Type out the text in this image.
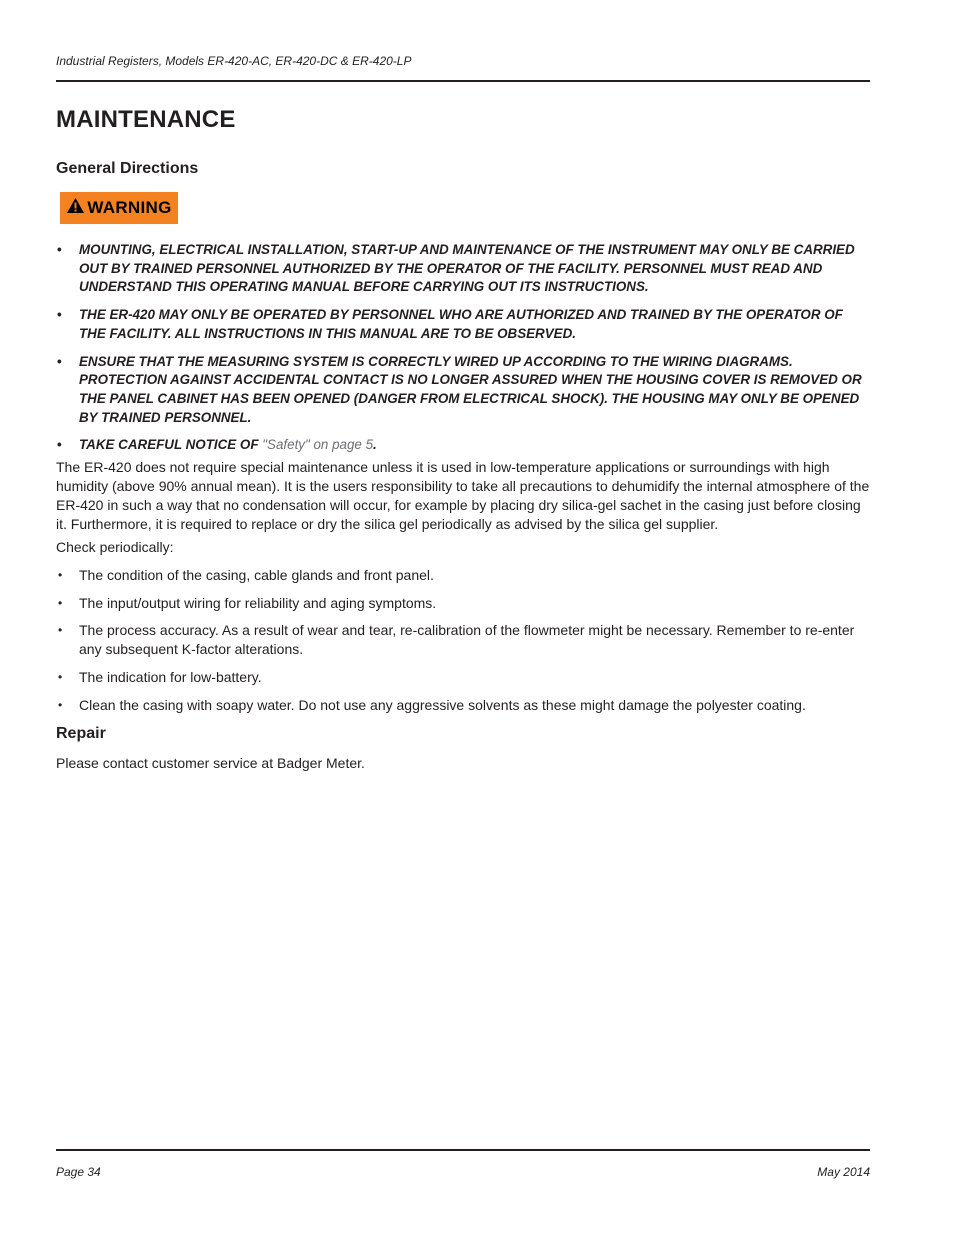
Industrial Registers, Models ER-420-AC, ER-420-DC & ER-420-LP
MAINTENANCE
General Directions
WARNING
• MOUNTING, ELECTRICAL INSTALLATION, START-UP AND MAINTENANCE OF THE INSTRUMENT MAY ONLY BE CARRIED OUT BY TRAINED PERSONNEL AUTHORIZED BY THE OPERATOR OF THE FACILITY. PERSONNEL MUST READ AND UNDERSTAND THIS OPERATING MANUAL BEFORE CARRYING OUT ITS INSTRUCTIONS.
• THE ER-420 MAY ONLY BE OPERATED BY PERSONNEL WHO ARE AUTHORIZED AND TRAINED BY THE OPERATOR OF THE FACILITY. ALL INSTRUCTIONS IN THIS MANUAL ARE TO BE OBSERVED.
• ENSURE THAT THE MEASURING SYSTEM IS CORRECTLY WIRED UP ACCORDING TO THE WIRING DIAGRAMS. PROTECTION AGAINST ACCIDENTAL CONTACT IS NO LONGER ASSURED WHEN THE HOUSING COVER IS REMOVED OR THE PANEL CABINET HAS BEEN OPENED (DANGER FROM ELECTRICAL SHOCK). THE HOUSING MAY ONLY BE OPENED BY TRAINED PERSONNEL.
• TAKE CAREFUL NOTICE OF "Safety" on page 5.

The ER-420 does not require special maintenance unless it is used in low-temperature applications or surroundings with high humidity (above 90% annual mean). It is the users responsibility to take all precautions to dehumidify the internal atmosphere of the ER-420 in such a way that no condensation will occur, for example by placing dry silica-gel sachet in the casing just before closing it. Furthermore, it is required to replace or dry the silica gel periodically as advised by the silica gel supplier.

Check periodically:

• The condition of the casing, cable glands and front panel.
• The input/output wiring for reliability and aging symptoms.
• The process accuracy. As a result of wear and tear, re-calibration of the flowmeter might be necessary. Remember to re-enter any subsequent K-factor alterations.
• The indication for low-battery.
• Clean the casing with soapy water. Do not use any aggressive solvents as these might damage the polyester coating.
Repair

Please contact customer service at Badger Meter.

Page 34	May 2014
